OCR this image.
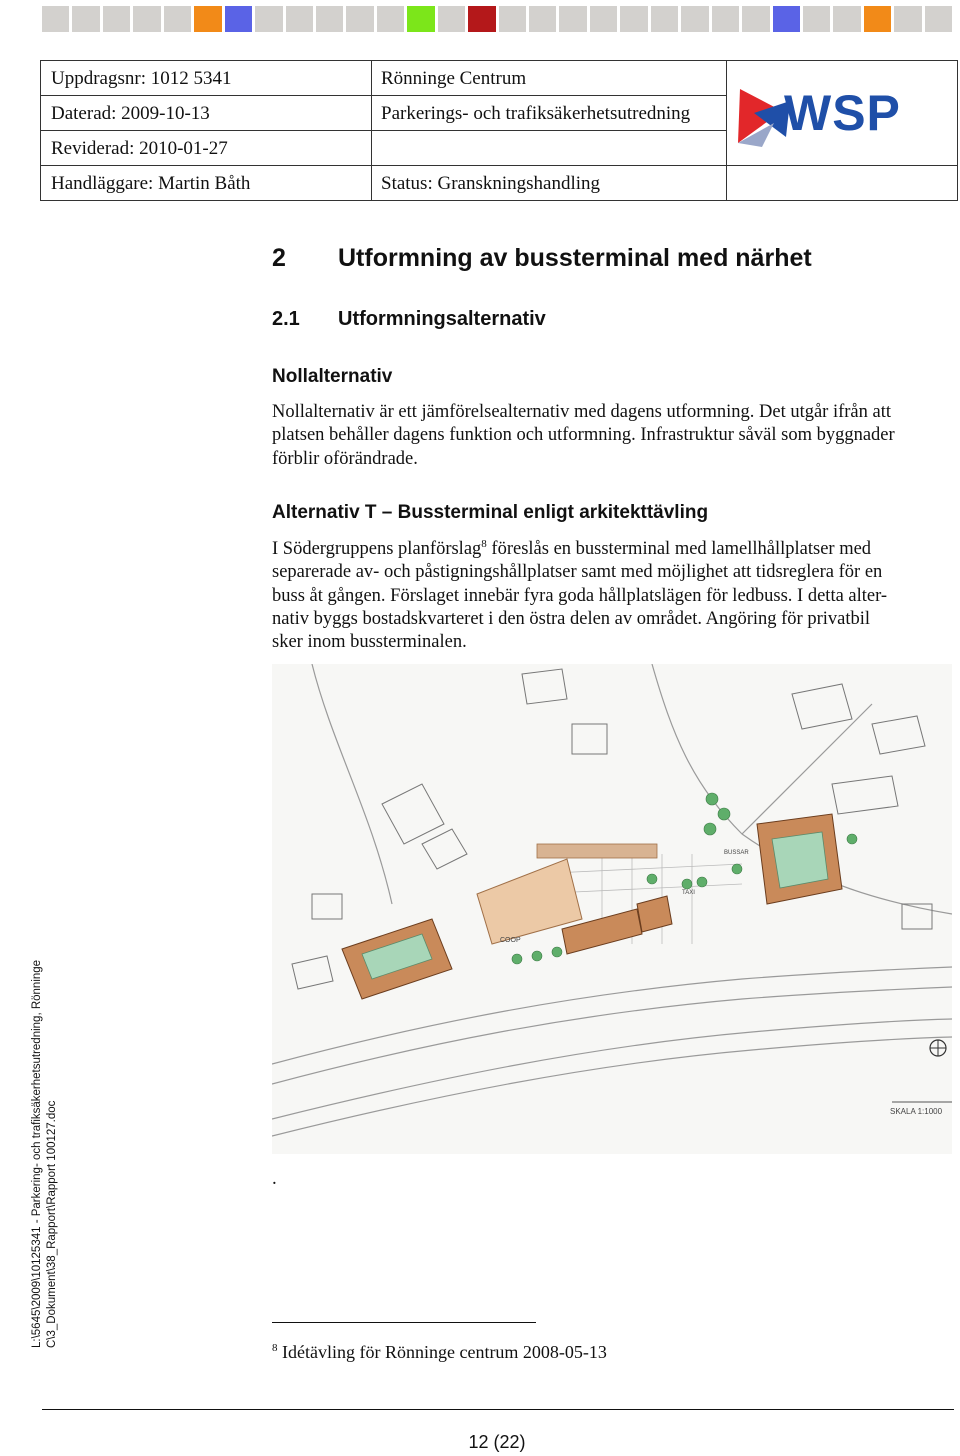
Uppdragsnr: 1012 5341
Daterad: 2009-10-13
Reviderad: 2010-01-27
Handläggare: Martin Båth
Rönninge Centrum
Parkerings- och trafiksäkerhetsutredning
Status: Granskningshandling
WSP
2 Utformning av bussterminal med närhet
2.1 Utformningsalternativ
Nollalternativ
Nollalternativ är ett jämförelsealternativ med dagens utformning. Det utgår ifrån att
platsen behåller dagens funktion och utformning. Infrastruktur såväl som byggnader
förblir oförändrade.
Alternativ T – Bussterminal enligt arkitekttävling
I Södergruppens planförslag$^8$ föreslås en bussterminal med lamellhållplatser med
separerade av- och påstigningshållplatser samt med möjlighet att tidsreglera för en
buss åt gången. Förslaget innebär fyra goda hållplatslägen för ledbuss. I detta alter-
nativ byggs bostadskvarteret i den östra delen av området. Angöring för privatbil
sker inom bussterminalen.
COOP
BUSSAR
TAXI
SKALA 1:1000
.
$^8$ Idétävling för Rönninge centrum 2008-05-13
12 (22)
L:\5645\2009\10125341 - Parkering- och trafiksäkerhetsutredning, Rönninge C\3_Dokument\38_Rapport\Rapport 100127.doc
